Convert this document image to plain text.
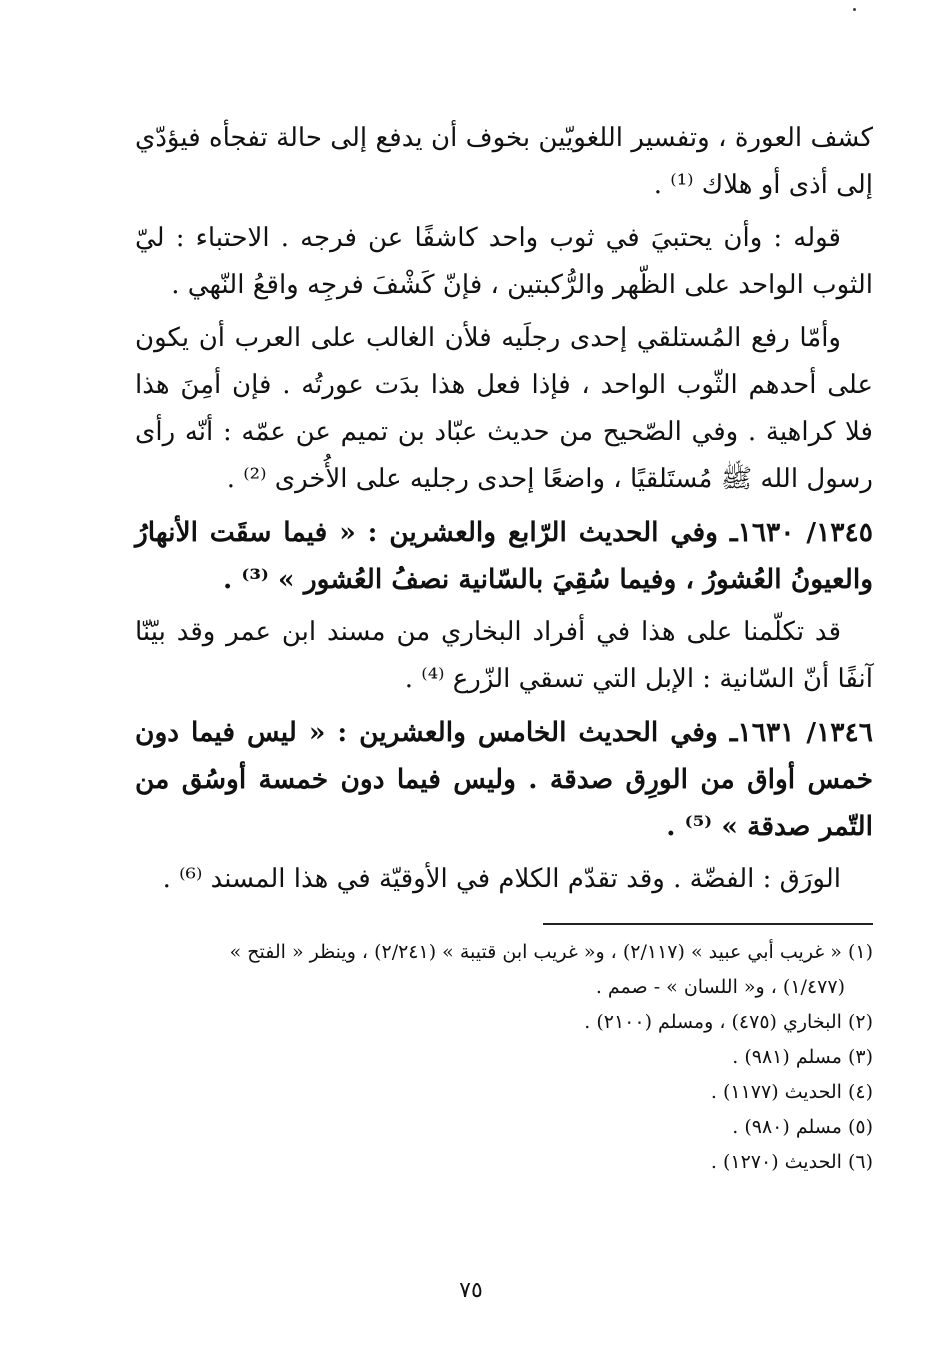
كشف العورة ، وتفسير اللغويّين بخوف أن يدفع إلى حالة تفجأه فيؤدّي إلى أذى أو هلاك ⁽¹⁾ .

قوله : وأن يحتبيَ في ثوب واحد كاشفًا عن فرجه . الاحتباء : ليّ الثوب الواحد على الظّهر والرُّكبتين ، فإنّ كَشْفَ فرجِه واقعُ النّهي .

وأمّا رفع المُستلقي إحدى رجلَيه فلأن الغالب على العرب أن يكون على أحدهم الثّوب الواحد ، فإذا فعل هذا بدَت عورتُه . فإن أمِنَ هذا فلا كراهية . وفي الصّحيح من حديث عبّاد بن تميم عن عمّه : أنّه رأى رسول الله ﷺ مُستَلقيًا ، واضعًا إحدى رجليه على الأُخرى ⁽²⁾ .

١٣٤٥/ ١٦٣٠ـ وفي الحديث الرّابع والعشرين : « فيما سقَت الأنهارُ والعيونُ العُشورُ ، وفيما سُقِيَ بالسّانية نصفُ العُشور » ⁽³⁾ .

قد تكلّمنا على هذا في أفراد البخاري من مسند ابن عمر وقد بيّنّا آنفًا أنّ السّانية : الإبل التي تسقي الزّرع ⁽⁴⁾ .

١٣٤٦/ ١٦٣١ـ وفي الحديث الخامس والعشرين : « ليس فيما دون خمس أواق من الورِق صدقة . وليس فيما دون خمسة أوسُق من التّمر صدقة » ⁽⁵⁾ .

الورَق : الفضّة . وقد تقدّم الكلام في الأوقيّة في هذا المسند ⁽⁶⁾ .

(١) « غريب أبي عبيد » (٢/١١٧) ، و« غريب ابن قتيبة » (٢/٢٤١) ، وينظر « الفتح »

(١/٤٧٧) ، و« اللسان » - صمم .

(٢) البخاري (٤٧٥) ، ومسلم (٢١٠٠) .

(٣) مسلم (٩٨١) .

(٤) الحديث (١١٧٧) .

(٥) مسلم (٩٨٠) .

(٦) الحديث (١٢٧٠) .

٧٥
